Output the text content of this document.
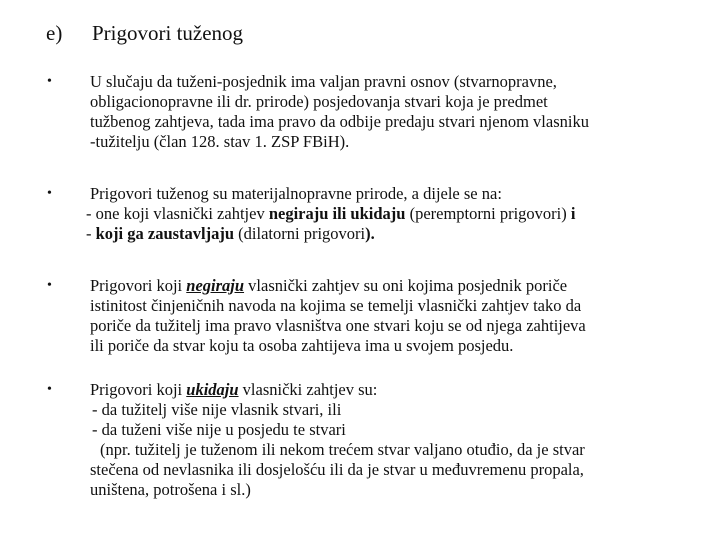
e) Prigovori tuženog
• U slučaju da tuženi-posjednik ima valjan pravni osnov (stvarnopravne,
obligacionopravne ili dr. prirode) posjedovanja stvari koja je predmet
tužbenog zahtjeva, tada ima pravo da odbije predaju stvari njenom vlasniku
-tužitelju (član 128. stav 1. ZSP FBiH).
• Prigovori tuženog su materijalnopravne prirode, a dijele se na:
- one koji vlasnički zahtjev negiraju ili ukidaju (peremptorni prigovori) i
- koji ga zaustavljaju (dilatorni prigovori).
• Prigovori koji negiraju vlasnički zahtjev su oni kojima posjednik poriče
istinitost činjeničnih navoda na kojima se temelji vlasnički zahtjev tako da
poriče da tužitelj ima pravo vlasništva one stvari koju se od njega zahtijeva
ili poriče da stvar koju ta osoba zahtijeva ima u svojem posjedu.
• Prigovori koji ukidaju vlasnički zahtjev su:
- da tužitelj više nije vlasnik stvari, ili
- da tuženi više nije u posjedu te stvari
(npr. tužitelj je tuženom ili nekom trećem stvar valjano otuđio, da je stvar
stečena od nevlasnika ili dosjelošću ili da je stvar u međuvremenu propala,
uništena, potrošena i sl.)
